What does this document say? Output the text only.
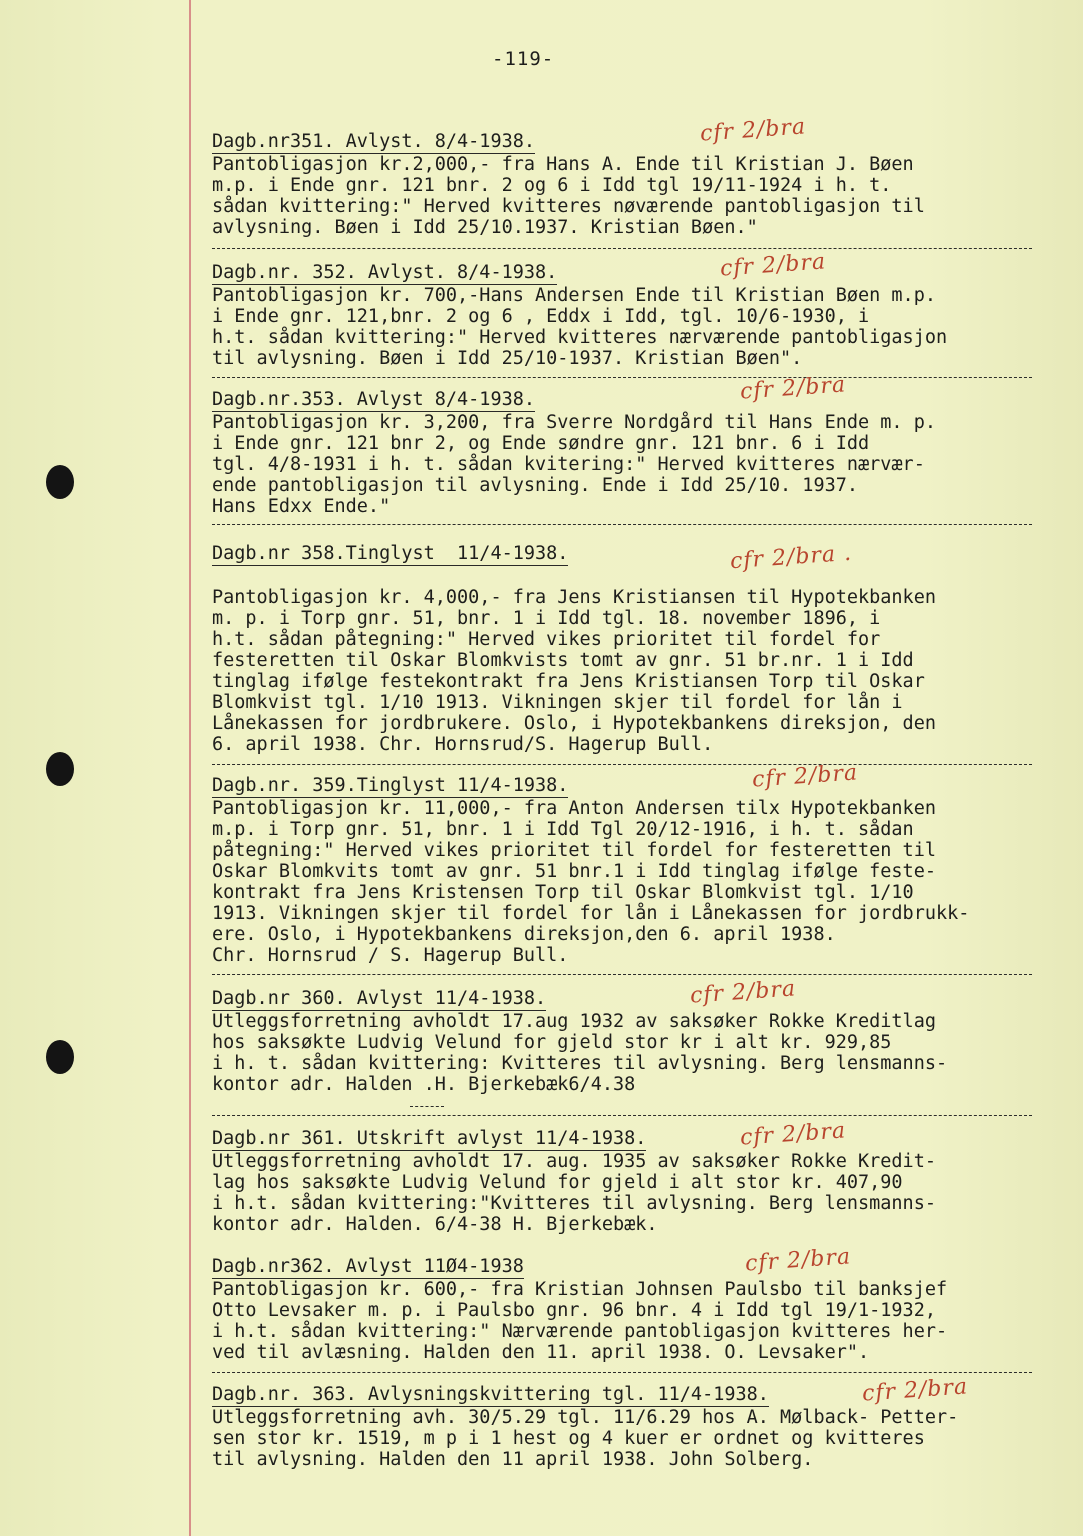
-119-
Dagb.nr351. Avlyst. 8/4-1938.

Pantobligasjon kr.2,000,- fra Hans A. Ende til Kristian J. Bøen
m.p. i Ende gnr. 121 bnr. 2 og 6 i Idd tgl 19/11-1924 i h. t.
sådan kvittering:" Herved kvitteres nøværende pantobligasjon til
avlysning. Bøen i Idd 25/10.1937. Kristian Bøen."

cfr 2/bra
Dagb.nr. 352. Avlyst. 8/4-1938.

Pantobligasjon kr. 700,-Hans Andersen Ende til Kristian Bøen m.p.
i Ende gnr. 121,bnr. 2 og 6 , Eddx i Idd, tgl. 10/6-1930, i
h.t. sådan kvittering:" Herved kvitteres nærværende pantobligasjon
til avlysning. Bøen i Idd 25/10-1937. Kristian Bøen".

cfr 2/bra
Dagb.nr.353. Avlyst 8/4-1938.

Pantobligasjon kr. 3,200, fra Sverre Nordgård til Hans Ende m. p.
i Ende gnr. 121 bnr 2, og Ende søndre gnr. 121 bnr. 6 i Idd
tgl. 4/8-1931 i h. t. sådan kvitering:" Herved kvitteres nærvær-
ende pantobligasjon til avlysning. Ende i Idd 25/10. 1937.
Hans Edxx Ende."

cfr 2/bra
Dagb.nr 358.Tinglyst  11/4-1938.

Pantobligasjon kr. 4,000,- fra Jens Kristiansen til Hypotekbanken
m. p. i Torp gnr. 51, bnr. 1 i Idd tgl. 18. november 1896, i
h.t. sådan påtegning:" Herved vikes prioritet til fordel for
festeretten til Oskar Blomkvists tomt av gnr. 51 br.nr. 1 i Idd
tinglag ifølge festekontrakt fra Jens Kristiansen Torp til Oskar
Blomkvist tgl. 1/10 1913. Vikningen skjer til fordel for lån i
Lånekassen for jordbrukere. Oslo, i Hypotekbankens direksjon, den
6. april 1938. Chr. Hornsrud/S. Hagerup Bull.

cfr 2/bra .
Dagb.nr. 359.Tinglyst 11/4-1938.

Pantobligasjon kr. 11,000,- fra Anton Andersen tilx Hypotekbanken
m.p. i Torp gnr. 51, bnr. 1 i Idd Tgl 20/12-1916, i h. t. sådan
påtegning:" Herved vikes prioritet til fordel for festeretten til
Oskar Blomkvits tomt av gnr. 51 bnr.1 i Idd tinglag ifølge feste-
kontrakt fra Jens Kristensen Torp til Oskar Blomkvist tgl. 1/10
1913. Vikningen skjer til fordel for lån i Lånekassen for jordbrukk-
ere. Oslo, i Hypotekbankens direksjon,den 6. april 1938.
Chr. Hornsrud / S. Hagerup Bull.

cfr 2/bra
Dagb.nr 360. Avlyst 11/4-1938.

Utleggsforretning avholdt 17.aug 1932 av saksøker Rokke Kreditlag
hos saksøkte Ludvig Velund for gjeld stor kr i alt kr. 929,85
i h. t. sådan kvittering: Kvitteres til avlysning. Berg lensmanns-
kontor adr. Halden .H. Bjerkebæk6/4.38

cfr 2/bra
Dagb.nr 361. Utskrift avlyst 11/4-1938.

Utleggsforretning avholdt 17. aug. 1935 av saksøker Rokke Kredit-
lag hos saksøkte Ludvig Velund for gjeld i alt stor kr. 407,90
i h.t. sådan kvittering:"Kvitteres til avlysning. Berg lensmanns-
kontor adr. Halden. 6/4-38 H. Bjerkebæk.

cfr 2/bra
Dagb.nr362. Avlyst 11Ø4-1938

Pantobligasjon kr. 600,- fra Kristian Johnsen Paulsbo til banksjef
Otto Levsaker m. p. i Paulsbo gnr. 96 bnr. 4 i Idd tgl 19/1-1932,
i h.t. sådan kvittering:" Nærværende pantobligasjon kvitteres her-
ved til avlæsning. Halden den 11. april 1938. O. Levsaker".

cfr 2/bra
Dagb.nr. 363. Avlysningskvittering tgl. 11/4-1938.

Utleggsforretning avh. 30/5.29 tgl. 11/6.29 hos A. Mølback- Petter-
sen stor kr. 1519, m p i 1 hest og 4 kuer er ordnet og kvitteres
til avlysning. Halden den 11 april 1938. John Solberg.

cfr 2/bra
